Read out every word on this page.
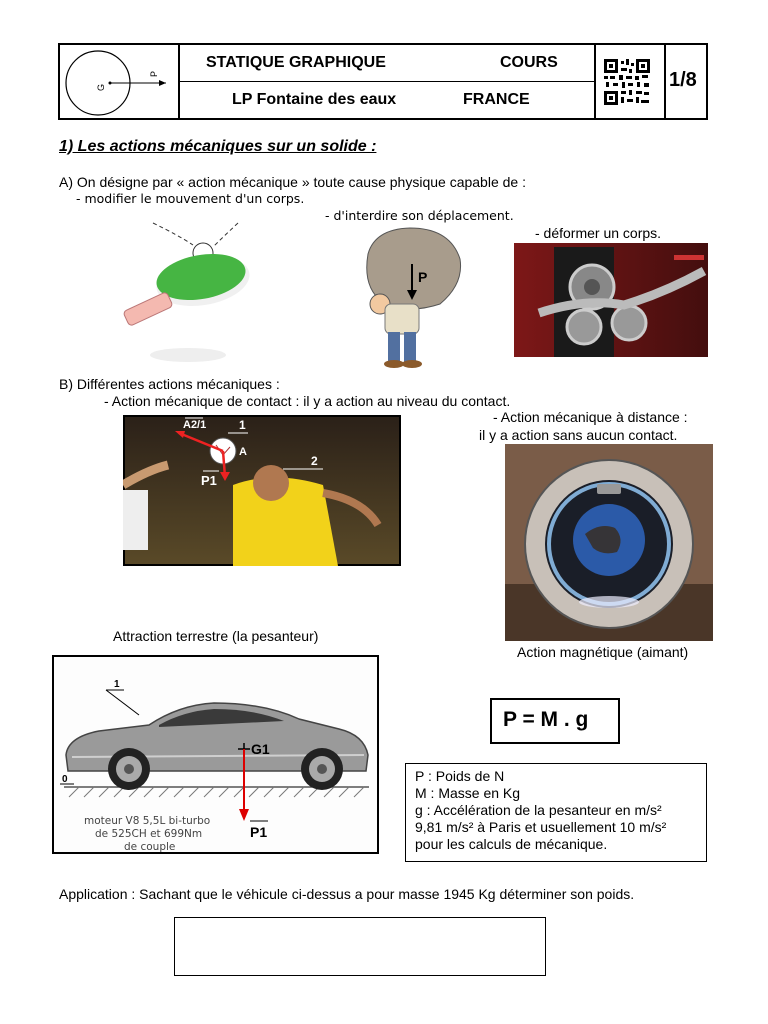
G
P
STATIQUE GRAPHIQUE	COURS
LP Fontaine des eaux	FRANCE
1/8
1) Les actions mécaniques sur un solide :
A) On désigne par « action mécanique » toute cause physique capable de :
- modifier le mouvement d'un corps.
- d'interdire son déplacement.
- déformer un corps.
P
B) Différentes actions mécaniques :
- Action mécanique de contact : il y a action au niveau du contact.
- Action mécanique à distance :
il y a action sans aucun contact.
A2/1	1
A
2
P1
Attraction terrestre (la pesanteur)
Action magnétique (aimant)
1
0
G1
P1
moteur V8 5,5L bi-turbo
de 525CH et 699Nm
de couple
P = M . g
P : Poids de N
M : Masse en Kg
g : Accélération de la pesanteur en m/s²
9,81 m/s² à Paris et usuellement 10 m/s²
pour les calculs de mécanique.
Application : Sachant que le véhicule ci-dessus a pour masse 1945 Kg déterminer son poids.
